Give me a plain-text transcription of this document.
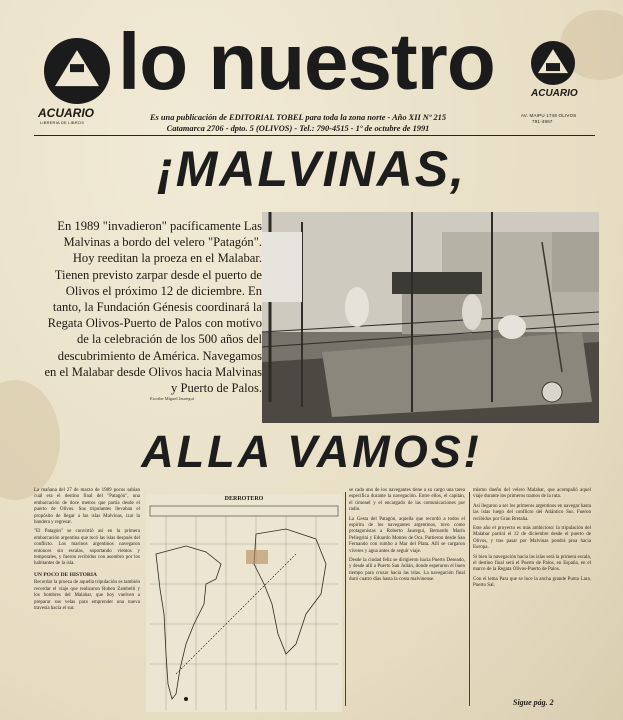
ACUARIO
LIBRERIA DE LIBROS
lo nuestro	ACUARIO
AV. MAIPU 1748 OLIVOS
791-4967
Es una publicación de EDITORIAL TOBEL para toda la zona norte - Año XII Nº 215
Catamarca 2706 - dpto. 5 (OLIVOS) - Tel.: 790-4515 - 1º de octubre de 1991
¡MALVINAS,
En 1989 "invadieron" pacíficamente Las Malvinas a bordo del velero "Patagón". Hoy reeditan la proeza en el Malabar. Tienen previsto zarpar desde el puerto de Olivos el próximo 12 de diciembre. En tanto, la Fundación Génesis coordinará la Regata Olivos-Puerto de Palos con motivo de la celebración de los 500 años del descubrimiento de América. Navegamos en el Malabar desde Olivos hacia Malvinas y Puerto de Palos.
Escribe Miguel Jauregui
ALLA VAMOS!

La mañana del 27 de marzo de 1989 pocos sabían cuál era el destino final del "Patagón", una embarcación de doce metros que partía desde el puerto de Olivos. Sus tripulantes llevaban el propósito de llegar a las islas Malvinas, izar la bandera y regresar.

"El Patagón" se convirtió así en la primera embarcación argentina que tocó las islas después del conflicto. Los marinos argentinos navegaron entonces sin escalas, soportando vientos y temporales, y fueron recibidos con asombro por los habitantes de la isla.

UN POCO DE HISTORIA

Recordar la proeza de aquella tripulación es también recordar el viaje que realizaron Ruben Zambelli y los hombres del Malabar, que hoy vuelven a preparar sus velas para emprender una nueva travesía hacia el sur.

DERROTERO

se cada uno de los navegantes tiene a su cargo una tarea específica durante la navegación. Entre ellos, el capitán, el timonel y el encargado de las comunicaciones por radio.

La Gesta del Patagón, aquella que recordó a todos el espíritu de los navegantes argentinos, tuvo como protagonistas a Roberto Jauregui, Bernardo Marín Pellegrini y Eduardo Montes de Oca. Partieron desde San Fernando con rumbo a Mar del Plata. Allí se cargaron víveres y agua antes de seguir viaje.

Desde la ciudad feliz se dirigieron hacia Puerto Deseado, y desde allí a Puerto San Julián, donde esperaron el buen tiempo para cruzar hacia las islas. La navegación final duró cuatro días hasta la costa malvinense.

mismo dueño del velero Malabar, que acompañó aquel viaje durante los primeros tramos de la ruta.

Así llegaron a ser los primeros argentinos en navegar hasta las islas luego del conflicto del Atlántico Sur. Fueron recibidos por Gran Bretaña.

Este año el proyecto es más ambicioso: la tripulación del Malabar partirá el 12 de diciembre desde el puerto de Olivos, y tras pasar por Malvinas pondrá proa hacia Europa.

Si bien la navegación hacia las islas será la primera escala, el destino final será el Puerto de Palos, en España, en el marco de la Regata Olivos-Puerto de Palos.

Con el lema Para que se luce la ancha grande Punta Lara, Puerto Sal.

Sigue pág. 2
